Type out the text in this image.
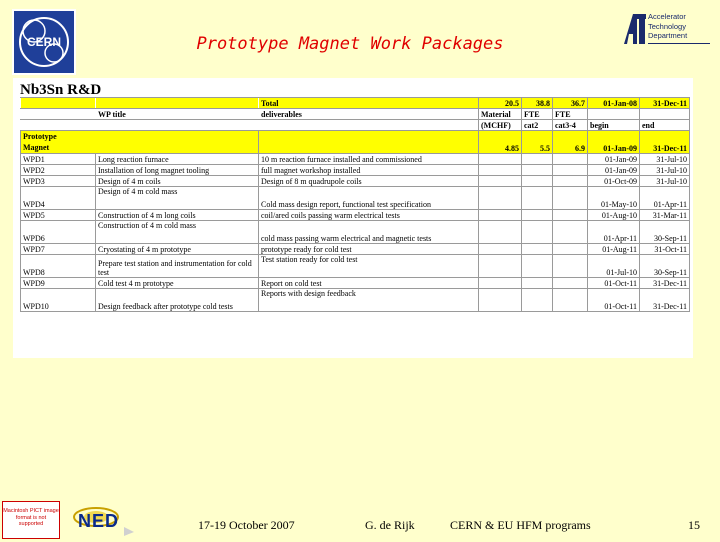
CERN	Prototype Magnet Work Packages
Accelerator
Technology
Department
Nb3Sn R&D
		Total	20.5	38.8	36.7	01-Jan-08	31-Dec-11
	WP title	deliverables	Material	FTE	FTE		
			(MCHF)	cat2	cat3-4	begin	end
Prototype
Magnet			4.85	5.5	6.9	01-Jan-09	31-Dec-11
WPD1	Long reaction furnace	10 m reaction furnace installed and commissioned				01-Jan-09	31-Jul-10
WPD2	Installation of long magnet tooling	full magnet workshop installed				01-Jan-09	31-Jul-10
WPD3	Design of 4 m coils	Design of 8 m quadrupole coils				01-Oct-09	31-Jul-10
WPD4	Design of 4 m cold mass	Cold mass design report, functional test specification				01-May-10	01-Apr-11
WPD5	Construction of 4 m long coils	coil/ared coils passing warm electrical tests				01-Aug-10	31-Mar-11
WPD6	Construction of 4 m cold mass	cold mass passing warm electrical and magnetic tests				01-Apr-11	30-Sep-11
WPD7	Cryostating of 4 m prototype	prototype ready for cold test				01-Aug-11	31-Oct-11
WPD8	Prepare test station and instrumentation for cold test	Test station ready for cold test				01-Jul-10	30-Sep-11
WPD9	Cold test 4 m prototype	Report on cold test				01-Oct-11	31-Dec-11
WPD10	Design feedback after prototype cold tests	Reports with design feedback				01-Oct-11	31-Dec-11
Macintosh PICT image format is not supported	NED	17-19 October 2007	G. de Rijk	CERN & EU HFM programs	15
